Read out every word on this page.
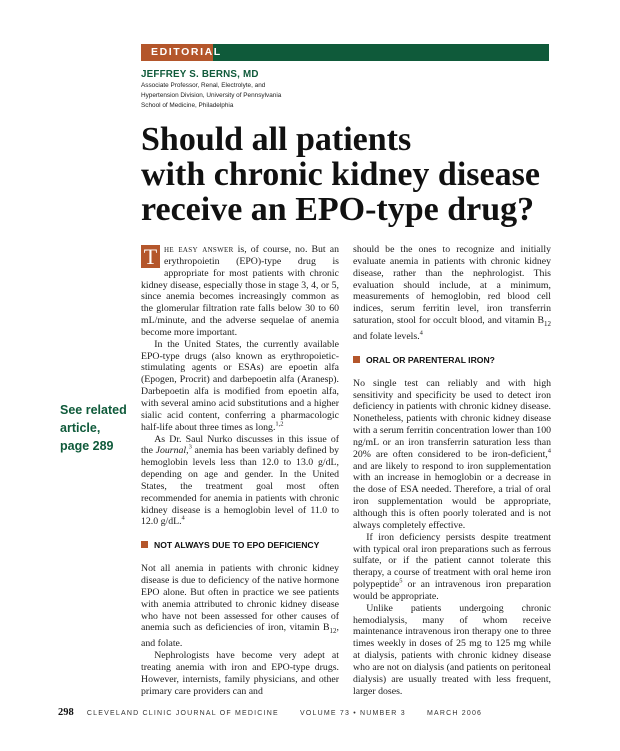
EDITORIAL
JEFFREY S. BERNS, MD
Associate Professor, Renal, Electrolyte, and
Hypertension Division, University of Pennsylvania
School of Medicine, Philadelphia
Should all patients
with chronic kidney disease
receive an EPO-type drug?
See related
article,
page 289

T he easy answer is, of course, no. But an erythropoietin (EPO)-type drug is appropriate for most patients with chronic kidney disease, especially those in stage 3, 4, or 5, since anemia becomes increasingly common as the glomerular filtration rate falls below 30 to 60 mL/minute, and the adverse sequelae of anemia become more important.

In the United States, the currently available EPO-type drugs (also known as erythropoietic-stimulating agents or ESAs) are epoetin alfa (Epogen, Procrit) and darbepoetin alfa (Aranesp). Darbepoetin alfa is modified from epoetin alfa, with several amino acid substitutions and a higher sialic acid content, conferring a pharmacologic half-life about three times as long.$^{1,2}$

As Dr. Saul Nurko discusses in this issue of the Journal,$^3$ anemia has been variably defined by hemoglobin levels less than 12.0 to 13.0 g/dL, depending on age and gender. In the United States, the treatment goal most often recommended for anemia in patients with chronic kidney disease is a hemoglobin level of 11.0 to 12.0 g/dL.$^4$

NOT ALWAYS DUE TO EPO DEFICIENCY

Not all anemia in patients with chronic kidney disease is due to deficiency of the native hormone EPO alone. But often in practice we see patients with anemia attributed to chronic kidney disease who have not been assessed for other causes of anemia such as deficiencies of iron, vitamin $B_{12}$, and folate.

Nephrologists have become very adept at treating anemia with iron and EPO-type drugs. However, internists, family physicians, and other primary care providers can and

should be the ones to recognize and initially evaluate anemia in patients with chronic kidney disease, rather than the nephrologist. This evaluation should include, at a minimum, measurements of hemoglobin, red blood cell indices, serum ferritin level, iron transferrin saturation, stool for occult blood, and vitamin $B_{12}$ and folate levels.$^4$

ORAL OR PARENTERAL IRON?

No single test can reliably and with high sensitivity and specificity be used to detect iron deficiency in patients with chronic kidney disease. Nonetheless, patients with chronic kidney disease with a serum ferritin concentration lower than 100 ng/mL or an iron transferrin saturation less than 20% are often considered to be iron-deficient,$^4$ and are likely to respond to iron supplementation with an increase in hemoglobin or a decrease in the dose of ESA needed. Therefore, a trial of oral iron supplementation would be appropriate, although this is often poorly tolerated and is not always completely effective.

If iron deficiency persists despite treatment with typical oral iron preparations such as ferrous sulfate, or if the patient cannot tolerate this therapy, a course of treatment with oral heme iron polypeptide$^5$ or an intravenous iron preparation would be appropriate.

Unlike patients undergoing chronic hemodialysis, many of whom receive maintenance intravenous iron therapy one to three times weekly in doses of 25 mg to 125 mg while at dialysis, patients with chronic kidney disease who are not on dialysis (and patients on peritoneal dialysis) are usually treated with less frequent, larger doses.

298 CLEVELAND CLINIC JOURNAL OF MEDICINE	VOLUME 73 • NUMBER 3	MARCH 2006
